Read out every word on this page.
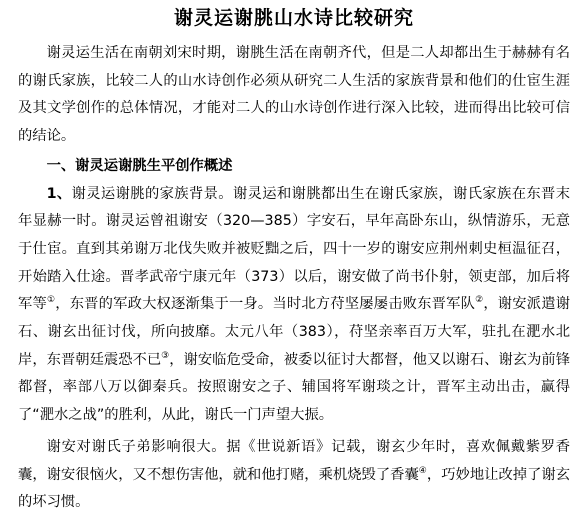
谢灵运谢朓山水诗比较研究

谢灵运生活在南朝刘宋时期，谢朓生活在南朝齐代，但是二人却都出生于赫赫有名的谢氏家族，比较二人的山水诗创作必须从研究二人生活的家族背景和他们的仕宦生涯及其文学创作的总体情况，才能对二人的山水诗创作进行深入比较，进而得出比较可信的结论。

一、谢灵运谢朓生平创作概述

1、谢灵运谢朓的家族背景。谢灵运和谢朓都出生在谢氏家族，谢氏家族在东晋末年显赫一时。谢灵运曾祖谢安（320—385）字安石，早年高卧东山，纵情游乐，无意于仕宦。直到其弟谢万北伐失败并被贬黜之后，四十一岁的谢安应荆州刺史桓温征召，开始踏入仕途。晋孝武帝宁康元年（373）以后，谢安做了尚书仆射，领吏部，加后将军等①，东晋的军政大权逐渐集于一身。当时北方苻坚屡屡击败东晋军队②，谢安派遣谢石、谢玄出征讨伐，所向披靡。太元八年（383），苻坚亲率百万大军，驻扎在淝水北岸，东晋朝廷震恐不已③，谢安临危受命，被委以征讨大都督，他又以谢石、谢玄为前锋都督，率部八万以御秦兵。按照谢安之子、辅国将军谢琰之计，晋军主动出击，赢得了“淝水之战”的胜利，从此，谢氏一门声望大振。

谢安对谢氏子弟影响很大。据《世说新语》记载，谢玄少年时，喜欢佩戴紫罗香囊，谢安很恼火，又不想伤害他，就和他打赌，乘机烧毁了香囊④，巧妙地让改掉了谢玄的坏习惯。
